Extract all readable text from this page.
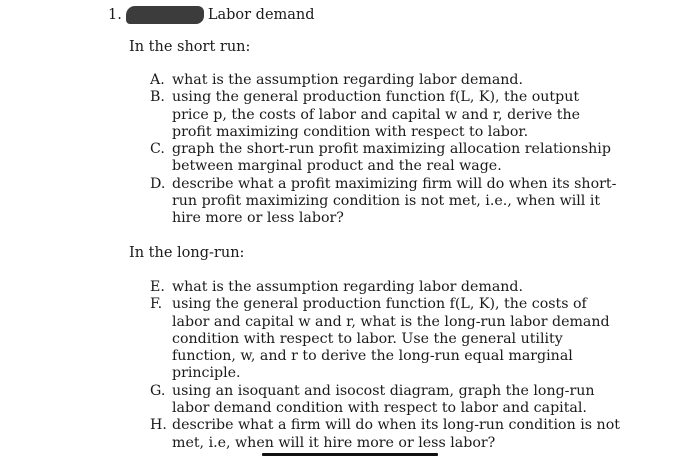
1.	Labor demand
In the short run:
A. what is the assumption regarding labor demand.
B. using the general production function f(L, K), the output price p, the costs of labor and capital w and r, derive the profit maximizing condition with respect to labor.
C. graph the short-run profit maximizing allocation relationship between marginal product and the real wage.
D. describe what a profit maximizing firm will do when its short-run profit maximizing condition is not met, i.e., when will it hire more or less labor?
In the long-run:
E. what is the assumption regarding labor demand.
F. using the general production function f(L, K), the costs of labor and capital w and r, what is the long-run labor demand condition with respect to labor. Use the general utility function, w, and r to derive the long-run equal marginal principle.
G. using an isoquant and isocost diagram, graph the long-run labor demand condition with respect to labor and capital.
H. describe what a firm will do when its long-run condition is not met, i.e, when will it hire more or less labor?
